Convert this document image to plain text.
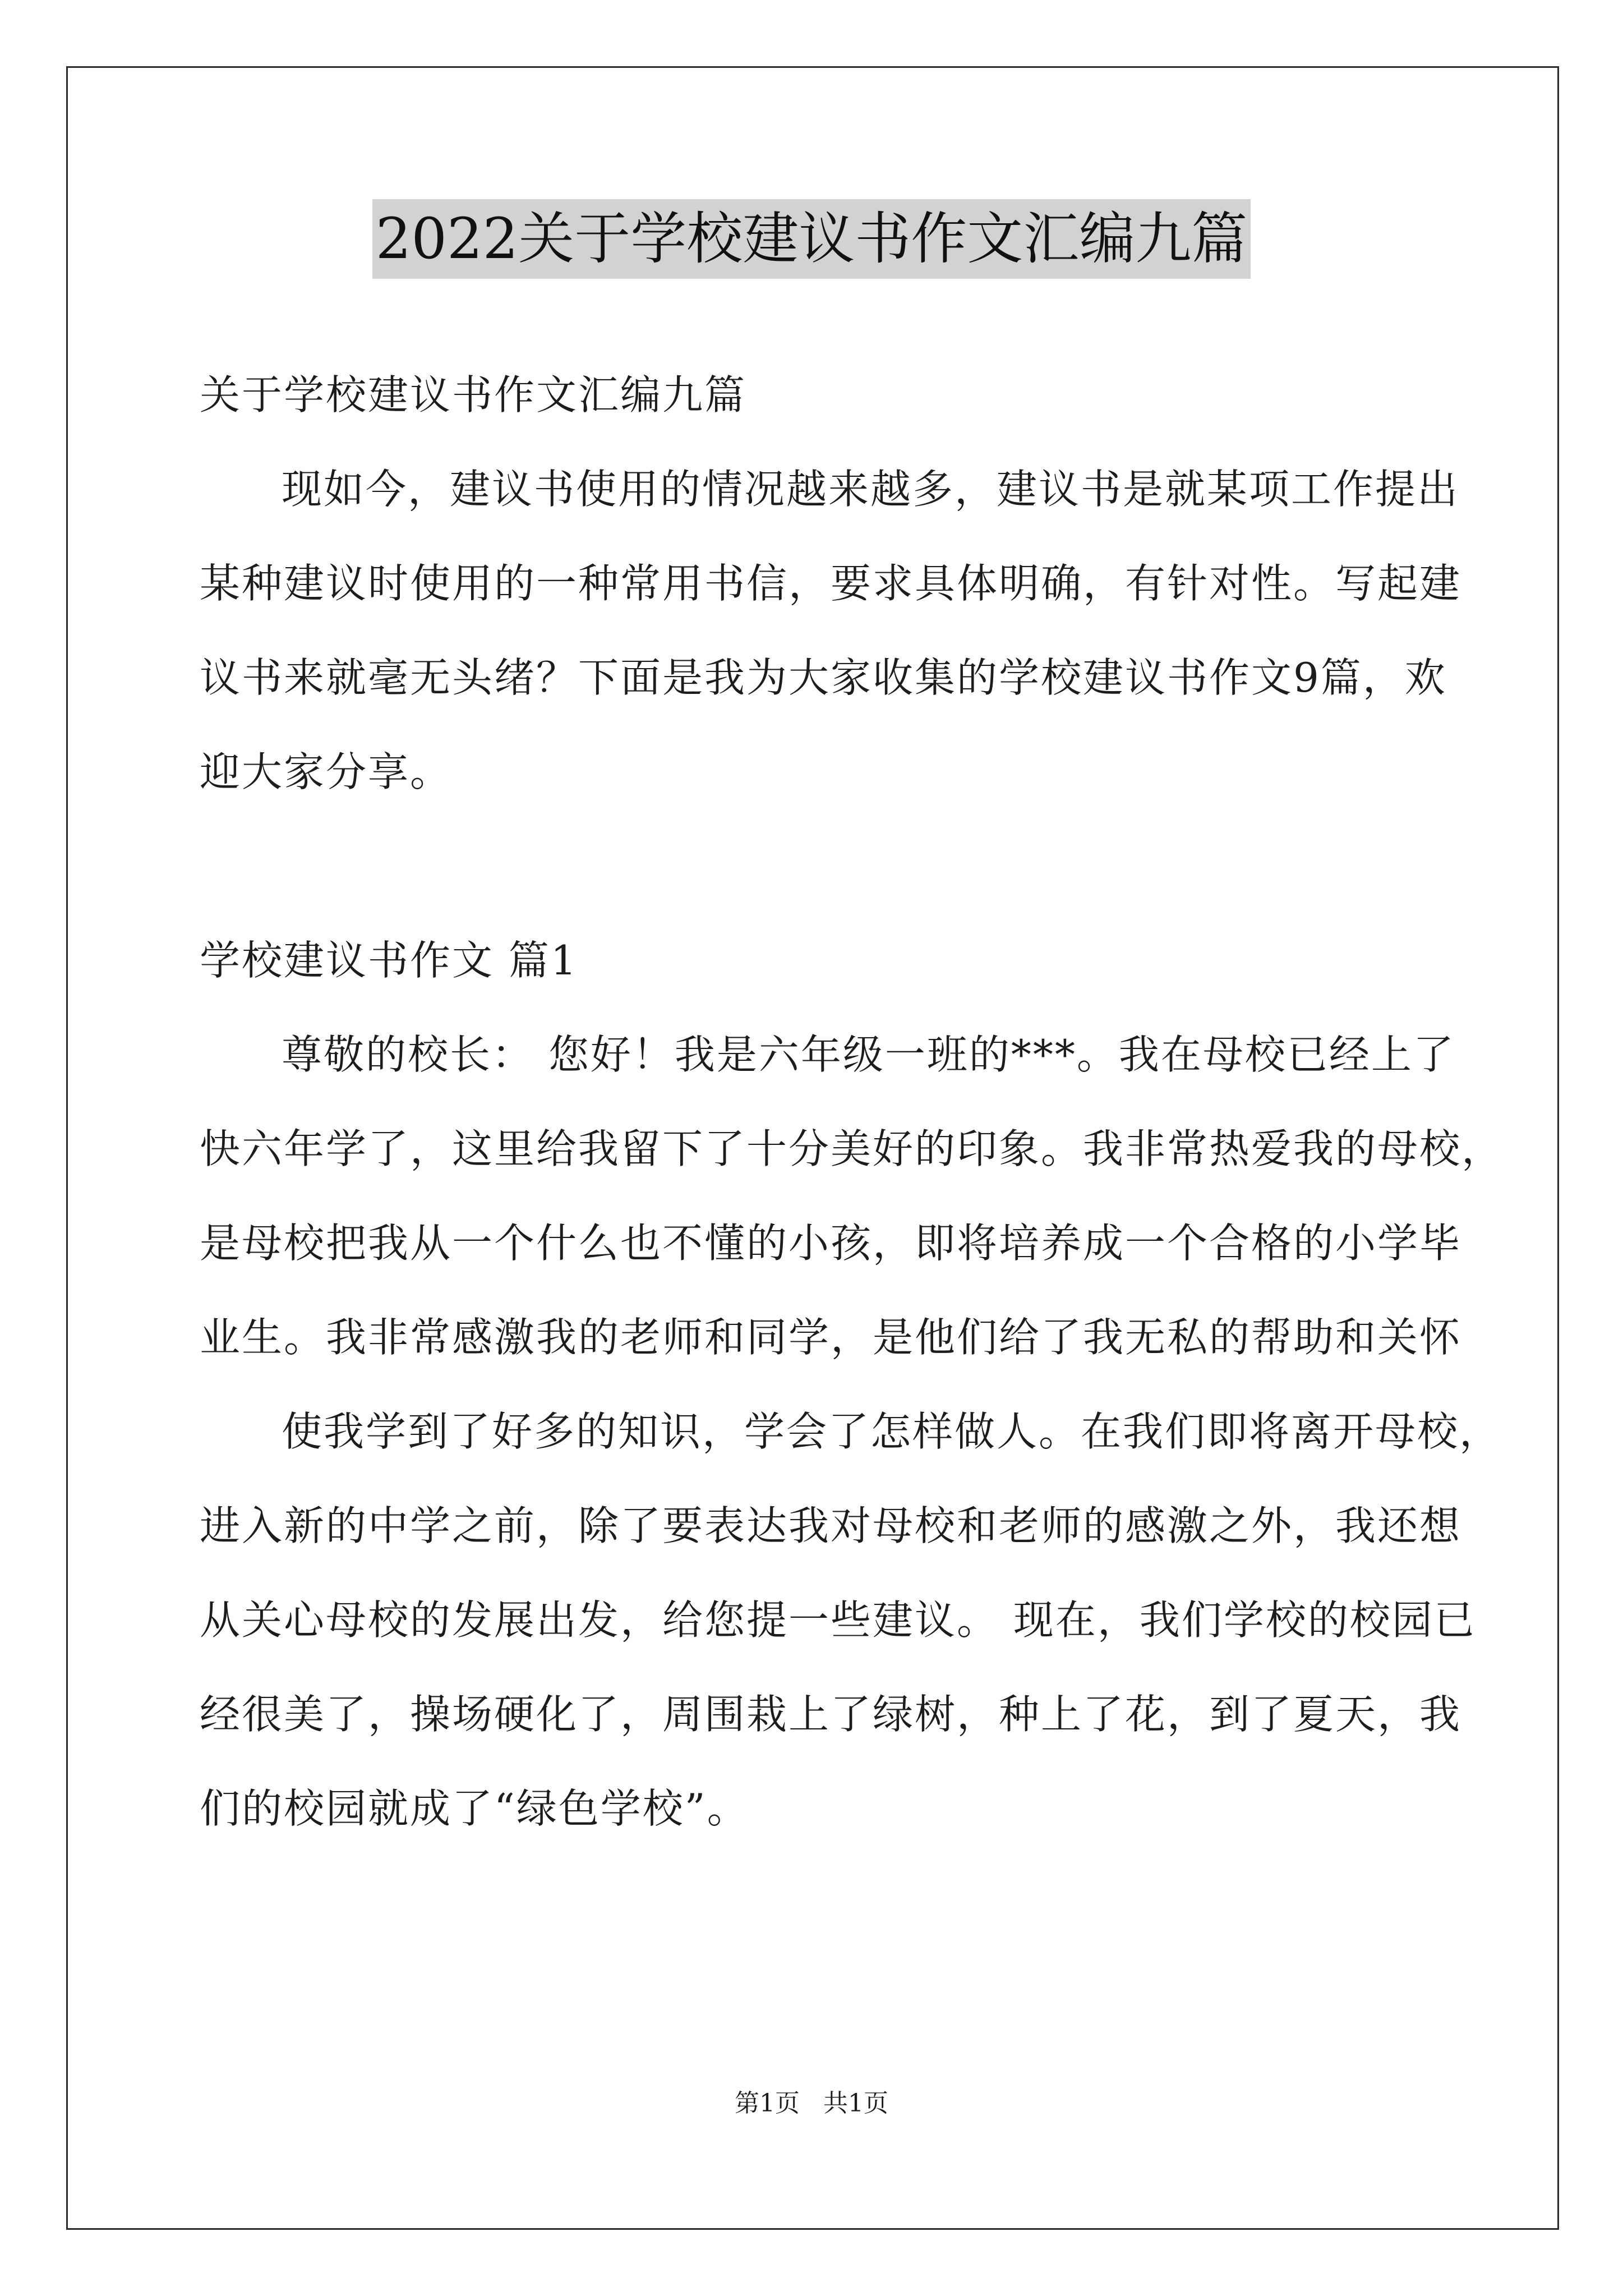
2022关于学校建议书作文汇编九篇
关于学校建议书作文汇编九篇
现如今，建议书使用的情况越来越多，建议书是就某项工作提出
某种建议时使用的一种常用书信，要求具体明确，有针对性。写起建
议书来就毫无头绪？下面是我为大家收集的学校建议书作文9篇，欢
迎大家分享。
学校建议书作文 篇1
尊敬的校长： 您好！我是六年级一班的***。我在母校已经上了
快六年学了，这里给我留下了十分美好的印象。我非常热爱我的母校，
是母校把我从一个什么也不懂的小孩，即将培养成一个合格的小学毕
业生。我非常感激我的老师和同学，是他们给了我无私的帮助和关怀
使我学到了好多的知识，学会了怎样做人。在我们即将离开母校，
进入新的中学之前，除了要表达我对母校和老师的感激之外，我还想
从关心母校的发展出发，给您提一些建议。 现在，我们学校的校园已
经很美了，操场硬化了，周围栽上了绿树，种上了花，到了夏天，我
们的校园就成了“绿色学校”。
第1页 共1页
